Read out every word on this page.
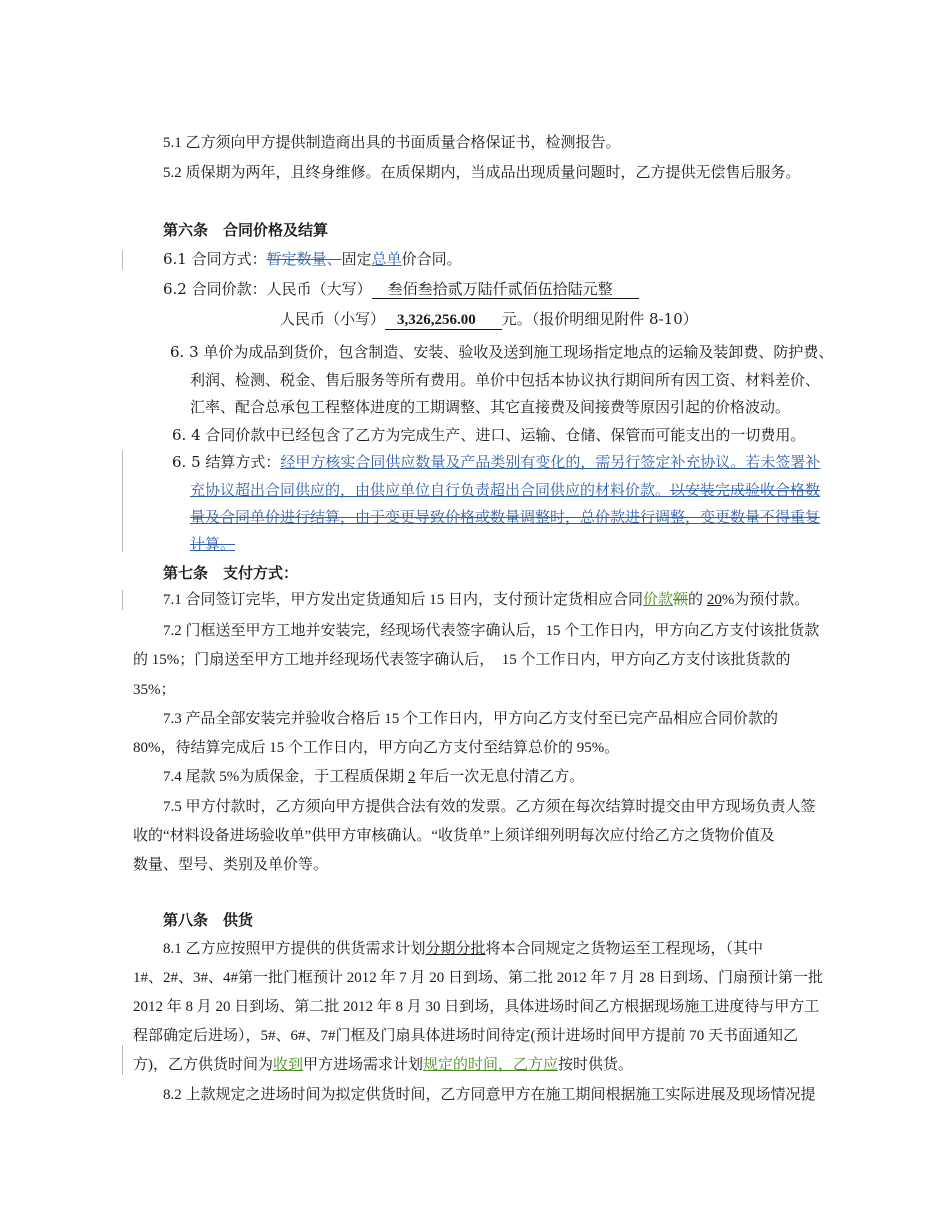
5.1 乙方须向甲方提供制造商出具的书面质量合格保证书，检测报告。
5.2 质保期为两年，且终身维修。在质保期内，当成品出现质量问题时，乙方提供无偿售后服务。
第六条　合同价格及结算
6.1 合同方式：暂定数量、固定总单价合同。
6.2 合同价款：人民币（大写） 叁佰叁拾贰万陆仟贰佰伍拾陆元整
人民币（小写） 3,326,256.00 元。（报价明细见附件 8-10）
6. 3 单价为成品到货价，包含制造、安装、验收及送到施工现场指定地点的运输及装卸费、防护费、
利润、检测、税金、售后服务等所有费用。单价中包括本协议执行期间所有因工资、材料差价、
汇率、配合总承包工程整体进度的工期调整、其它直接费及间接费等原因引起的价格波动。
6. 4 合同价款中已经包含了乙方为完成生产、进口、运输、仓储、保管而可能支出的一切费用。
6. 5 结算方式：经甲方核实合同供应数量及产品类别有变化的，需另行签定补充协议。若未签署补
充协议超出合同供应的，由供应单位自行负责超出合同供应的材料价款。以安装完成验收合格数
量及合同单价进行结算，由于变更导致价格或数量调整时，总价款进行调整，变更数量不得重复
计算。
第七条　支付方式：
7.1 合同签订完毕，甲方发出定货通知后 15 日内，支付预计定货相应合同价款额的 20%为预付款。
7.2 门框送至甲方工地并安装完，经现场代表签字确认后，15 个工作日内，甲方向乙方支付该批货款
的 15%；门扇送至甲方工地并经现场代表签字确认后，　15 个工作日内，甲方向乙方支付该批货款的
35%；
7.3 产品全部安装完并验收合格后 15 个工作日内，甲方向乙方支付至已完产品相应合同价款的
80%，待结算完成后 15 个工作日内，甲方向乙方支付至结算总价的 95%。
7.4 尾款 5%为质保金，于工程质保期 2 年后一次无息付清乙方。
7.5 甲方付款时，乙方须向甲方提供合法有效的发票。乙方须在每次结算时提交由甲方现场负责人签
收的“材料设备进场验收单”供甲方审核确认。“收货单”上须详细列明每次应付给乙方之货物价值及
数量、型号、类别及单价等。
第八条　供货
8.1 乙方应按照甲方提供的供货需求计划分期分批将本合同规定之货物运至工程现场，（其中
1#、2#、3#、4#第一批门框预计 2012 年 7 月 20 日到场、第二批 2012 年 7 月 28 日到场、门扇预计第一批
2012 年 8 月 20 日到场、第二批 2012 年 8 月 30 日到场，具体进场时间乙方根据现场施工进度待与甲方工
程部确定后进场），5#、6#、7#门框及门扇具体进场时间待定(预计进场时间甲方提前 70 天书面通知乙
方)，乙方供货时间为收到甲方进场需求计划规定的时间，乙方应按时供货。
8.2 上款规定之进场时间为拟定供货时间，乙方同意甲方在施工期间根据施工实际进展及现场情况提
